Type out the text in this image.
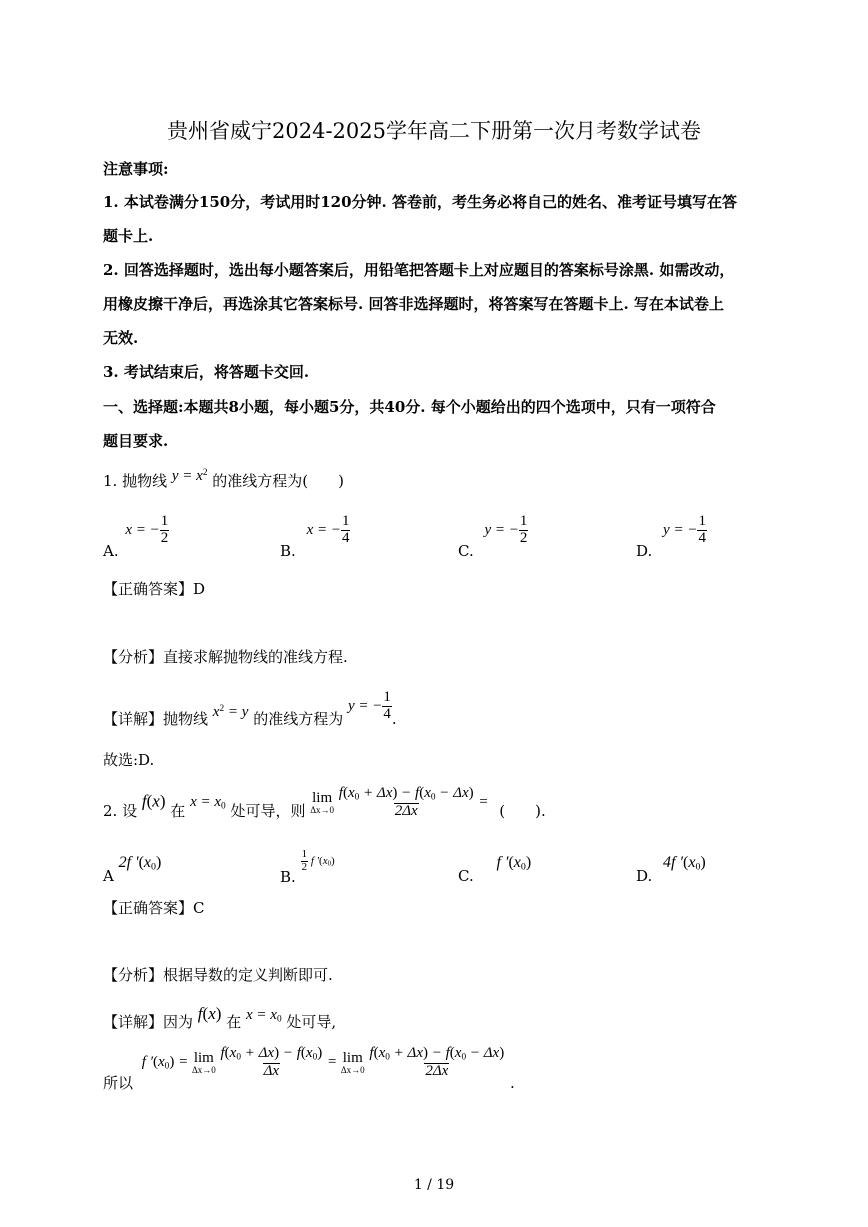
贵州省威宁2024-2025学年高二下册第一次月考数学试卷
注意事项:
1. 本试卷满分150分，考试用时120分钟. 答卷前，考生务必将自己的姓名、准考证号填写在答
题卡上.
2. 回答选择题时，选出每小题答案后，用铅笔把答题卡上对应题目的答案标号涂黑. 如需改动，
用橡皮擦干净后，再选涂其它答案标号. 回答非选择题时，将答案写在答题卡上. 写在本试卷上
无效.
3. 考试结束后，将答题卡交回.
一、选择题:本题共8小题，每小题5分，共40分. 每个小题给出的四个选项中，只有一项符合
题目要求.
1. 抛物线 $y = x^2$ 的准线方程为(　　)
A. x = − $\frac{1}{2}$
B. x = − $\frac{1}{4}$
C. y = − $\frac{1}{2}$
D. y = − $\frac{1}{4}$
【正确答案】D
【分析】直接求解抛物线的准线方程.
【详解】抛物线 $x^2 = y$ 的准线方程为 y = − $\frac{1}{4}$ .
故选:D.
2. 设 f(x) 在 $x = x_0$ 处可导，则
lim
Δx→0
$\frac{f(x_0 + \Delta x) - f(x_0 - \Delta x)}{2\Delta x}$ = (　　).
A 2f $'(x_0)$
B.
$^{\frac{1}{2} f '(x_0)}$
C. f $'(x_0)$
D. 4f $'(x_0)$
【正确答案】C
【分析】根据导数的定义判断即可.
【详解】因为 f(x) 在 $x = x_0$ 处可导,
所以 f $'(x_0) = \lim$
Δx→0
$\frac{f(x_0 + \Delta x) - f(x_0)}{\Delta x} = \lim$
Δx→0
$\frac{f(x_0 + \Delta x) - f(x_0 - \Delta x)}{2\Delta x}$
.
1 / 19
